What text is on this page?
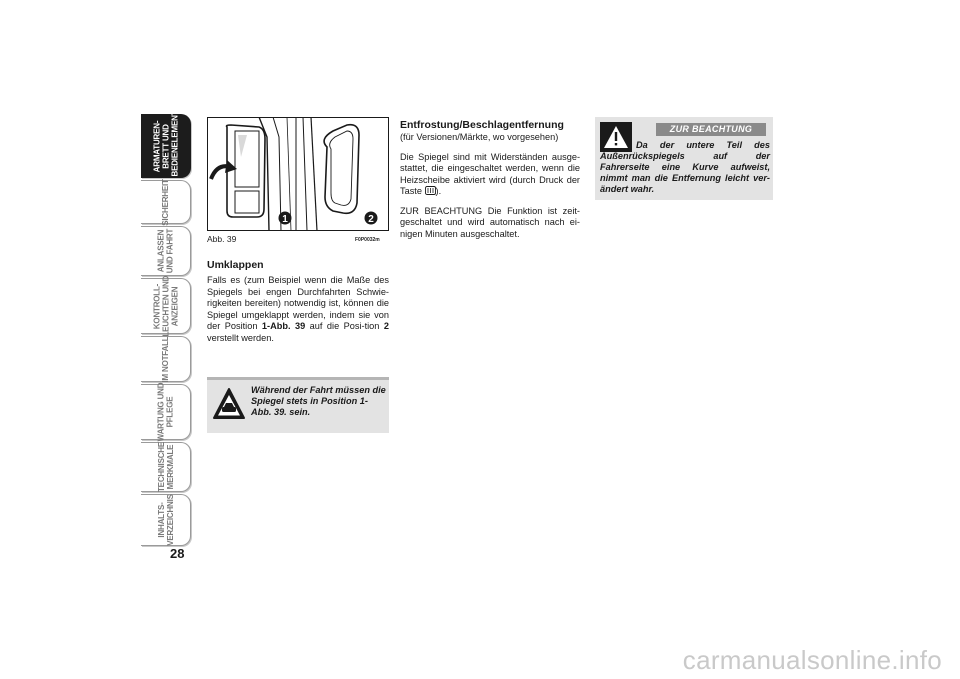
ARMATUREN- BRETT UND BEDIENELEMENTE
SICHERHEIT
ANLASSEN UND FAHRT
KONTROLL- LEUCHTEN UND ANZEIGEN
IM NOTFALL
WARTUNG UND PFLEGE
TECHNISCHE MERKMALE
INHALTS- VERZEICHNIS
28
1	2
Abb. 39	F0P0032m
Umklappen

Falls es (zum Beispiel wenn die Maße des Spiegels bei engen Durchfahrten Schwie-rigkeiten bereiten) notwendig ist, können die Spiegel umgeklappt werden, indem sie von der Position 1-Abb. 39 auf die Posi-tion 2 verstellt werden.

Während der Fahrt müssen die Spiegel stets in Position 1-Abb. 39. sein.
Entfrostung/Beschlagentfernung

(für Versionen/Märkte, wo vorgesehen)

Die Spiegel sind mit Widerständen ausge-stattet, die eingeschaltet werden, wenn die Heizscheibe aktiviert wird (durch Druck der Taste ).

ZUR BEACHTUNG Die Funktion ist zeit-geschaltet und wird automatisch nach ei-nigen Minuten ausgeschaltet.

ZUR BEACHTUNG
Da der untere Teil des Außenrückspiegels auf der Fahrerseite eine Kurve aufweist, nimmt man die Entfernung leicht ver-ändert wahr.
carmanualsonline.info
